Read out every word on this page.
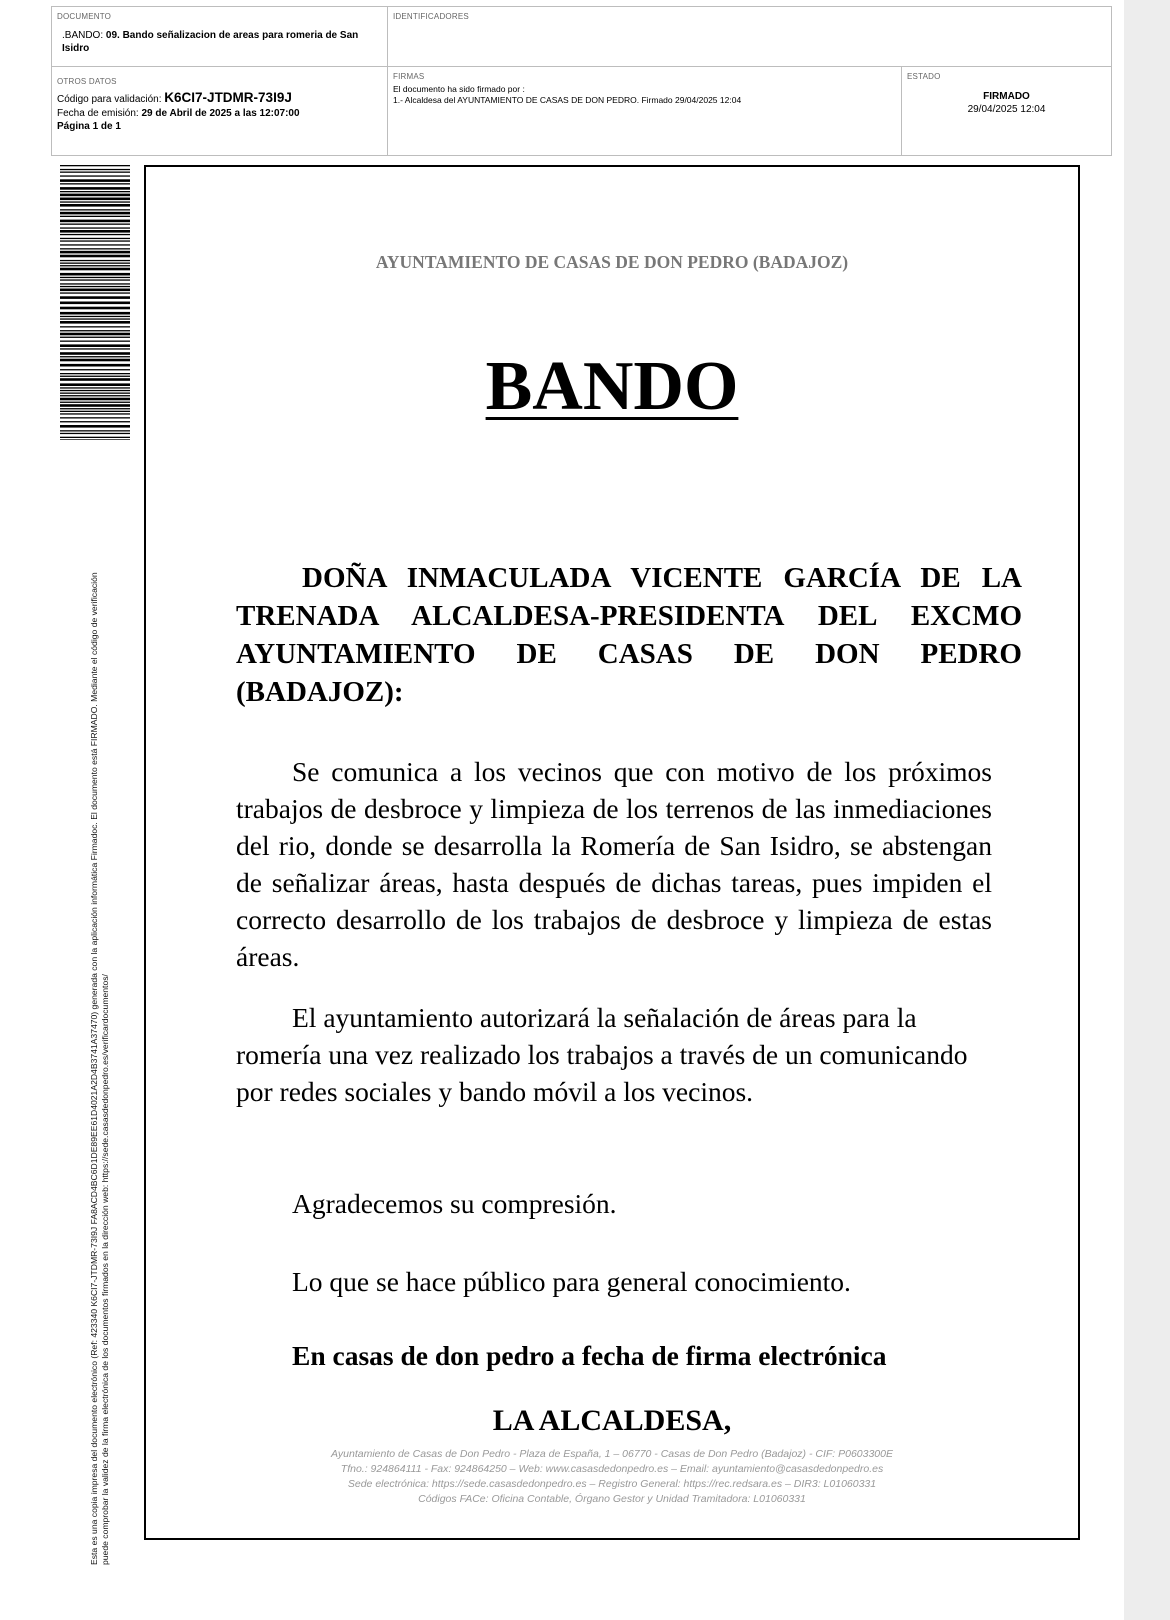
DOCUMENTO
.BANDO: 09. Bando señalizacion de areas para romeria de San Isidro
IDENTIFICADORES
OTROS DATOS
Código para validación: K6CI7-JTDMR-73I9J
Fecha de emisión: 29 de Abril de 2025 a las 12:07:00
Página 1 de 1
FIRMAS
El documento ha sido firmado por :
1.- Alcaldesa del AYUNTAMIENTO DE CASAS DE DON PEDRO. Firmado 29/04/2025 12:04
ESTADO
FIRMADO
29/04/2025 12:04
Esta es una copia impresa del documento electrónico (Ref: 423340 K6CI7-JTDMR-73I9J FA8ACD4BC6D1DE89EE61D4021A2D4B3741A37470) generada con la aplicación informática Firmadoc. El documento está FIRMADO. Mediante el código de verificación puede comprobar la validez de la firma electrónica de los documentos firmados en la dirección web: https://sede.casasdedonpedro.es/verificardocumentos/
AYUNTAMIENTO DE CASAS DE DON PEDRO (BADAJOZ)
BANDO
DOÑA INMACULADA VICENTE GARCÍA DE LA TRENADA ALCALDESA-PRESIDENTA DEL EXCMO AYUNTAMIENTO DE CASAS DE DON PEDRO (BADAJOZ):
Se comunica a los vecinos que con motivo de los próximos trabajos de desbroce y limpieza de los terrenos de las inmediaciones del rio, donde se desarrolla la Romería de San Isidro, se abstengan de señalizar áreas, hasta después de dichas tareas, pues impiden el correcto desarrollo de los trabajos de desbroce y limpieza de estas áreas.
El ayuntamiento autorizará la señalación de áreas para la romería una vez realizado los trabajos a través de un comunicando por redes sociales y bando móvil a los vecinos.
Agradecemos su compresión.
Lo que se hace público para general conocimiento.
En casas de don pedro a fecha de firma electrónica
LA ALCALDESA,
Ayuntamiento de Casas de Don Pedro - Plaza de España, 1 – 06770 - Casas de Don Pedro (Badajoz) - CIF: P0603300E
Tfno.: 924864111 - Fax: 924864250 – Web: www.casasdedonpedro.es – Email: ayuntamiento@casasdedonpedro.es
Sede electrónica: https://sede.casasdedonpedro.es – Registro General: https://rec.redsara.es – DIR3: L01060331
Códigos FACe: Oficina Contable, Órgano Gestor y Unidad Tramitadora: L01060331
